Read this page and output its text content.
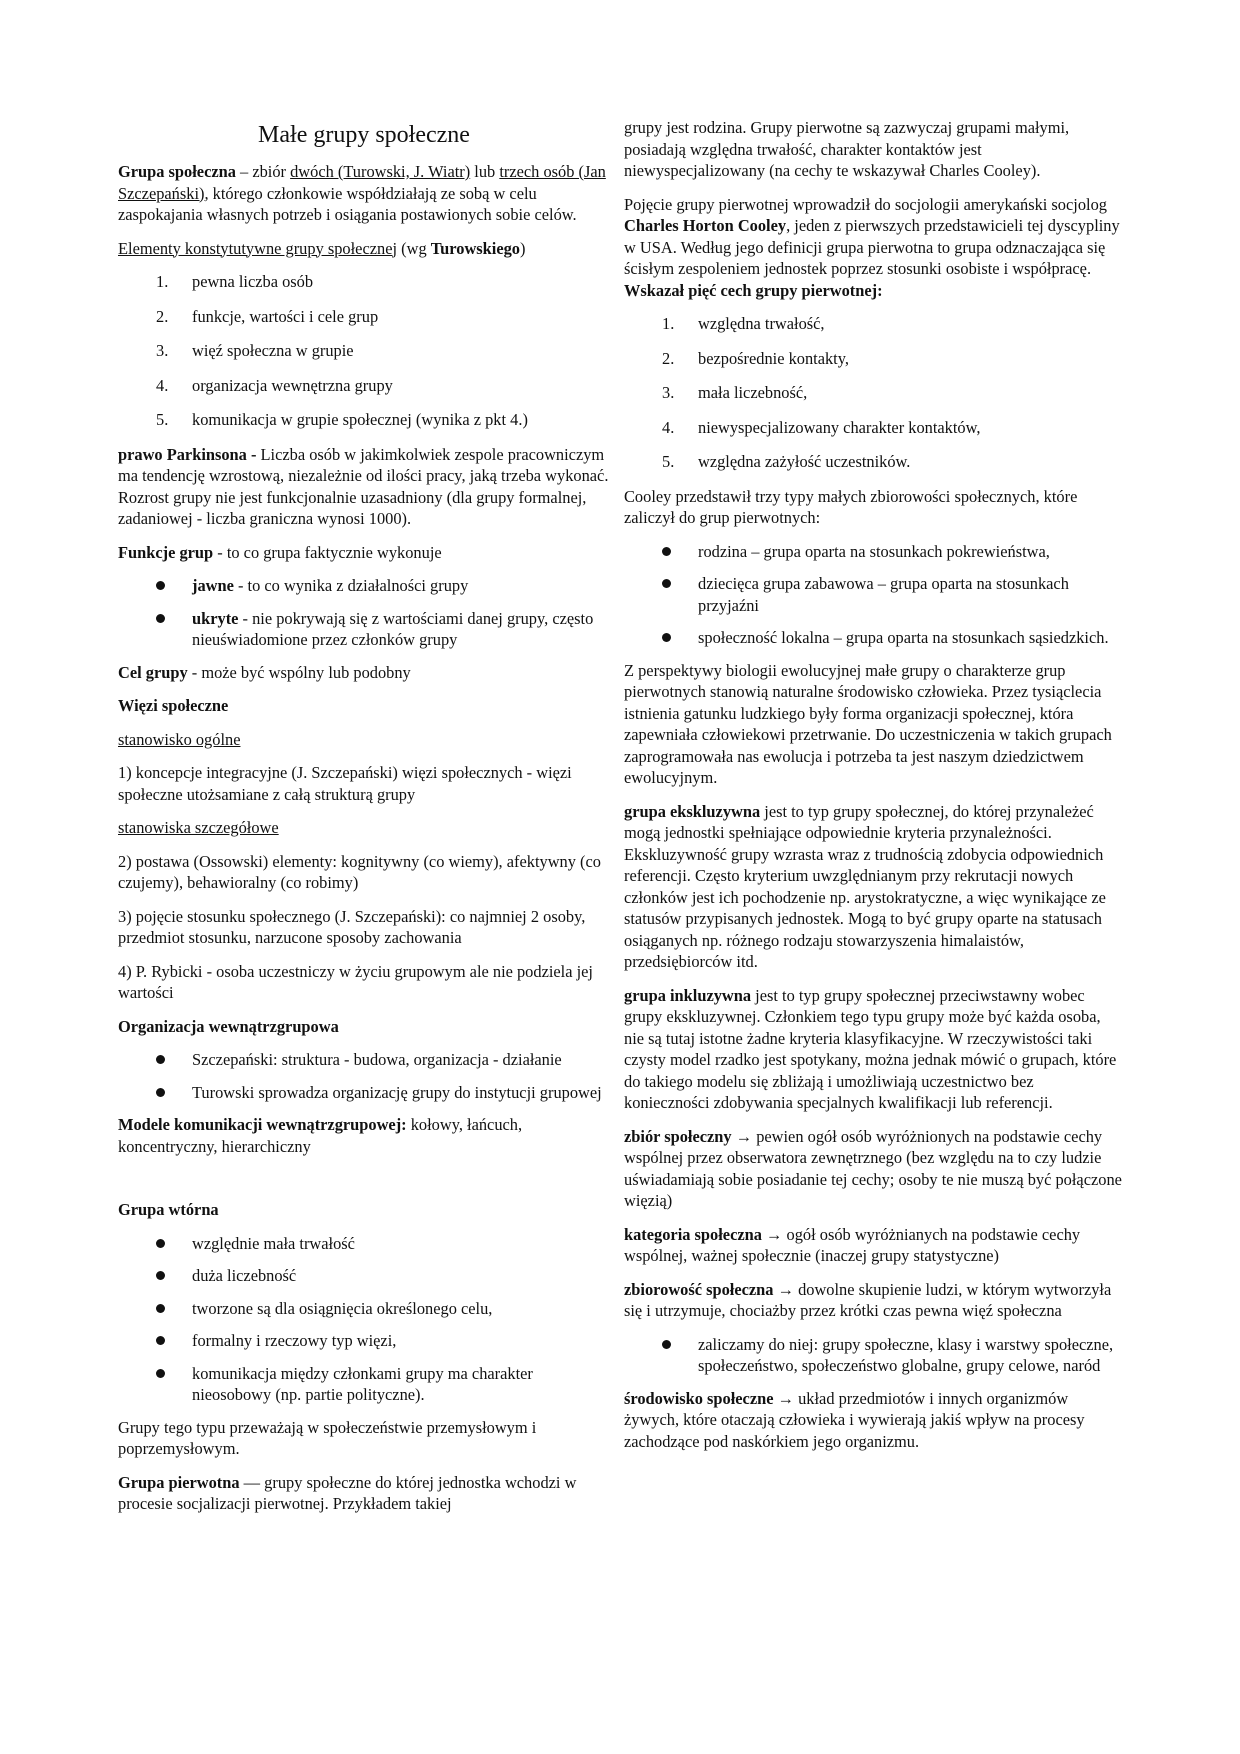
Małe grupy społeczne

Grupa społeczna – zbiór dwóch (Turowski, J. Wiatr) lub trzech osób (Jan Szczepański), którego członkowie współdziałają ze sobą w celu zaspokajania własnych potrzeb i osiągania postawionych sobie celów.

Elementy konstytutywne grupy społecznej (wg Turowskiego)

1. pewna liczba osób
2. funkcje, wartości i cele grup
3. więź społeczna w grupie
4. organizacja wewnętrzna grupy
5. komunikacja w grupie społecznej (wynika z pkt 4.)

prawo Parkinsona - Liczba osób w jakimkolwiek zespole pracowniczym ma tendencję wzrostową, niezależnie od ilości pracy, jaką trzeba wykonać. Rozrost grupy nie jest funkcjonalnie uzasadniony (dla grupy formalnej, zadaniowej - liczba graniczna wynosi 1000).

Funkcje grup - to co grupa faktycznie wykonuje

jawne - to co wynika z działalności grupy
ukryte - nie pokrywają się z wartościami danej grupy, często nieuświadomione przez członków grupy

Cel grupy - może być wspólny lub podobny

Więzi społeczne

stanowisko ogólne

1) koncepcje integracyjne (J. Szczepański) więzi społecznych - więzi społeczne utożsamiane z całą strukturą grupy

stanowiska szczegółowe

2) postawa (Ossowski) elementy: kognitywny (co wiemy), afektywny (co czujemy), behawioralny (co robimy)

3) pojęcie stosunku społecznego (J. Szczepański): co najmniej 2 osoby, przedmiot stosunku, narzucone sposoby zachowania

4) P. Rybicki - osoba uczestniczy w życiu grupowym ale nie podziela jej wartości

Organizacja wewnątrzgrupowa

Szczepański: struktura - budowa, organizacja - działanie
Turowski sprowadza organizację grupy do instytucji grupowej

Modele komunikacji wewnątrzgrupowej: kołowy, łańcuch, koncentryczny, hierarchiczny

Grupa wtórna

względnie mała trwałość
duża liczebność
tworzone są dla osiągnięcia określonego celu,
formalny i rzeczowy typ więzi,
komunikacja między członkami grupy ma charakter nieosobowy (np. partie polityczne).

Grupy tego typu przeważają w społeczeństwie przemysłowym i poprzemysłowym.

Grupa pierwotna — grupy społeczne do której jednostka wchodzi w procesie socjalizacji pierwotnej. Przykładem takiej

grupy jest rodzina. Grupy pierwotne są zazwyczaj grupami małymi, posiadają względna trwałość, charakter kontaktów jest niewyspecjalizowany (na cechy te wskazywał Charles Cooley).

Pojęcie grupy pierwotnej wprowadził do socjologii amerykański socjolog Charles Horton Cooley, jeden z pierwszych przedstawicieli tej dyscypliny w USA. Według jego definicji grupa pierwotna to grupa odznaczająca się ścisłym zespoleniem jednostek poprzez stosunki osobiste i współpracę. Wskazał pięć cech grupy pierwotnej:

1. względna trwałość,
2. bezpośrednie kontakty,
3. mała liczebność,
4. niewyspecjalizowany charakter kontaktów,
5. względna zażyłość uczestników.

Cooley przedstawił trzy typy małych zbiorowości społecznych, które zaliczył do grup pierwotnych:

rodzina – grupa oparta na stosunkach pokrewieństwa,
dziecięca grupa zabawowa – grupa oparta na stosunkach przyjaźni
społeczność lokalna – grupa oparta na stosunkach sąsiedzkich.

Z perspektywy biologii ewolucyjnej małe grupy o charakterze grup pierwotnych stanowią naturalne środowisko człowieka. Przez tysiąclecia istnienia gatunku ludzkiego były forma organizacji społecznej, która zapewniała człowiekowi przetrwanie. Do uczestniczenia w takich grupach zaprogramowała nas ewolucja i potrzeba ta jest naszym dziedzictwem ewolucyjnym.

grupa ekskluzywna jest to typ grupy społecznej, do której przynależeć mogą jednostki spełniające odpowiednie kryteria przynależności. Ekskluzywność grupy wzrasta wraz z trudnością zdobycia odpowiednich referencji. Często kryterium uwzględnianym przy rekrutacji nowych członków jest ich pochodzenie np. arystokratyczne, a więc wynikające ze statusów przypisanych jednostek. Mogą to być grupy oparte na statusach osiąganych np. różnego rodzaju stowarzyszenia himalaistów, przedsiębiorców itd.

grupa inkluzywna jest to typ grupy społecznej przeciwstawny wobec grupy ekskluzywnej. Członkiem tego typu grupy może być każda osoba, nie są tutaj istotne żadne kryteria klasyfikacyjne. W rzeczywistości taki czysty model rzadko jest spotykany, można jednak mówić o grupach, które do takiego modelu się zbliżają i umożliwiają uczestnictwo bez konieczności zdobywania specjalnych kwalifikacji lub referencji.

zbiór społeczny → pewien ogół osób wyróżnionych na podstawie cechy wspólnej przez obserwatora zewnętrznego (bez względu na to czy ludzie uświadamiają sobie posiadanie tej cechy; osoby te nie muszą być połączone więzią)

kategoria społeczna → ogół osób wyróżnianych na podstawie cechy wspólnej, ważnej społecznie (inaczej grupy statystyczne)

zbiorowość społeczna → dowolne skupienie ludzi, w którym wytworzyła się i utrzymuje, chociażby przez krótki czas pewna więź społeczna

zaliczamy do niej: grupy społeczne, klasy i warstwy społeczne, społeczeństwo, społeczeństwo globalne, grupy celowe, naród

środowisko społeczne → układ przedmiotów i innych organizmów żywych, które otaczają człowieka i wywierają jakiś wpływ na procesy zachodzące pod naskórkiem jego organizmu.
